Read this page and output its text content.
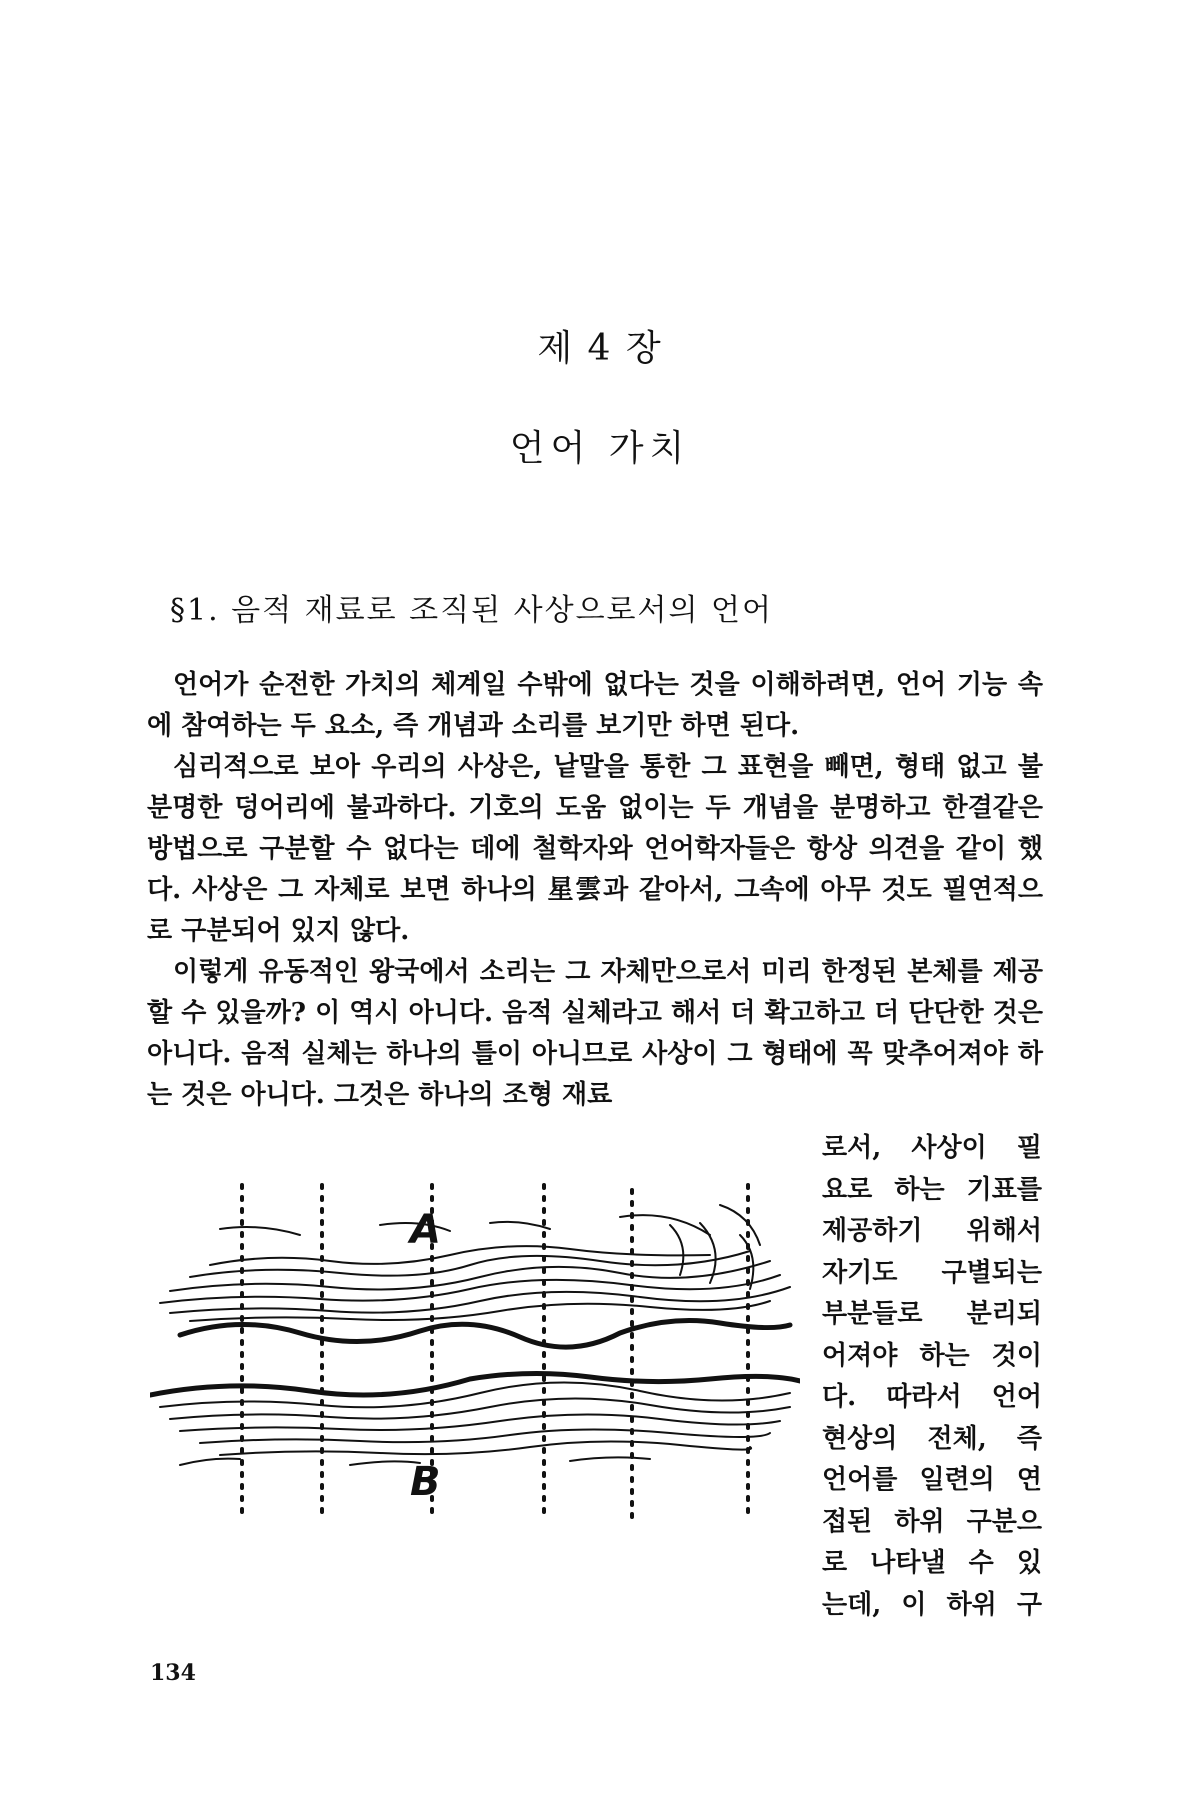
제 4 장
언어 가치
§1. 음적 재료로 조직된 사상으로서의 언어

언어가 순전한 가치의 체계일 수밖에 없다는 것을 이해하려면, 언어 기능 속에 참여하는 두 요소, 즉 개념과 소리를 보기만 하면 된다.

심리적으로 보아 우리의 사상은, 낱말을 통한 그 표현을 빼면, 형태 없고 불분명한 덩어리에 불과하다. 기호의 도움 없이는 두 개념을 분명하고 한결같은 방법으로 구분할 수 없다는 데에 철학자와 언어학자들은 항상 의견을 같이 했다. 사상은 그 자체로 보면 하나의 星雲과 같아서, 그속에 아무 것도 필연적으로 구분되어 있지 않다.

이렇게 유동적인 왕국에서 소리는 그 자체만으로서 미리 한정된 본체를 제공할 수 있을까? 이 역시 아니다. 음적 실체라고 해서 더 확고하고 더 단단한 것은 아니다. 음적 실체는 하나의 틀이 아니므로 사상이 그 형태에 꼭 맞추어져야 하는 것은 아니다. 그것은 하나의 조형 재료

로서, 사상이 필
요로 하는 기표를
제공하기 위해서
자기도 구별되는
부분들로 분리되
어져야 하는 것이
다. 따라서 언어
현상의 전체, 즉
언어를 일련의 연
접된 하위 구분으
로 나타낼 수 있
는데, 이 하위 구
A
B
134
